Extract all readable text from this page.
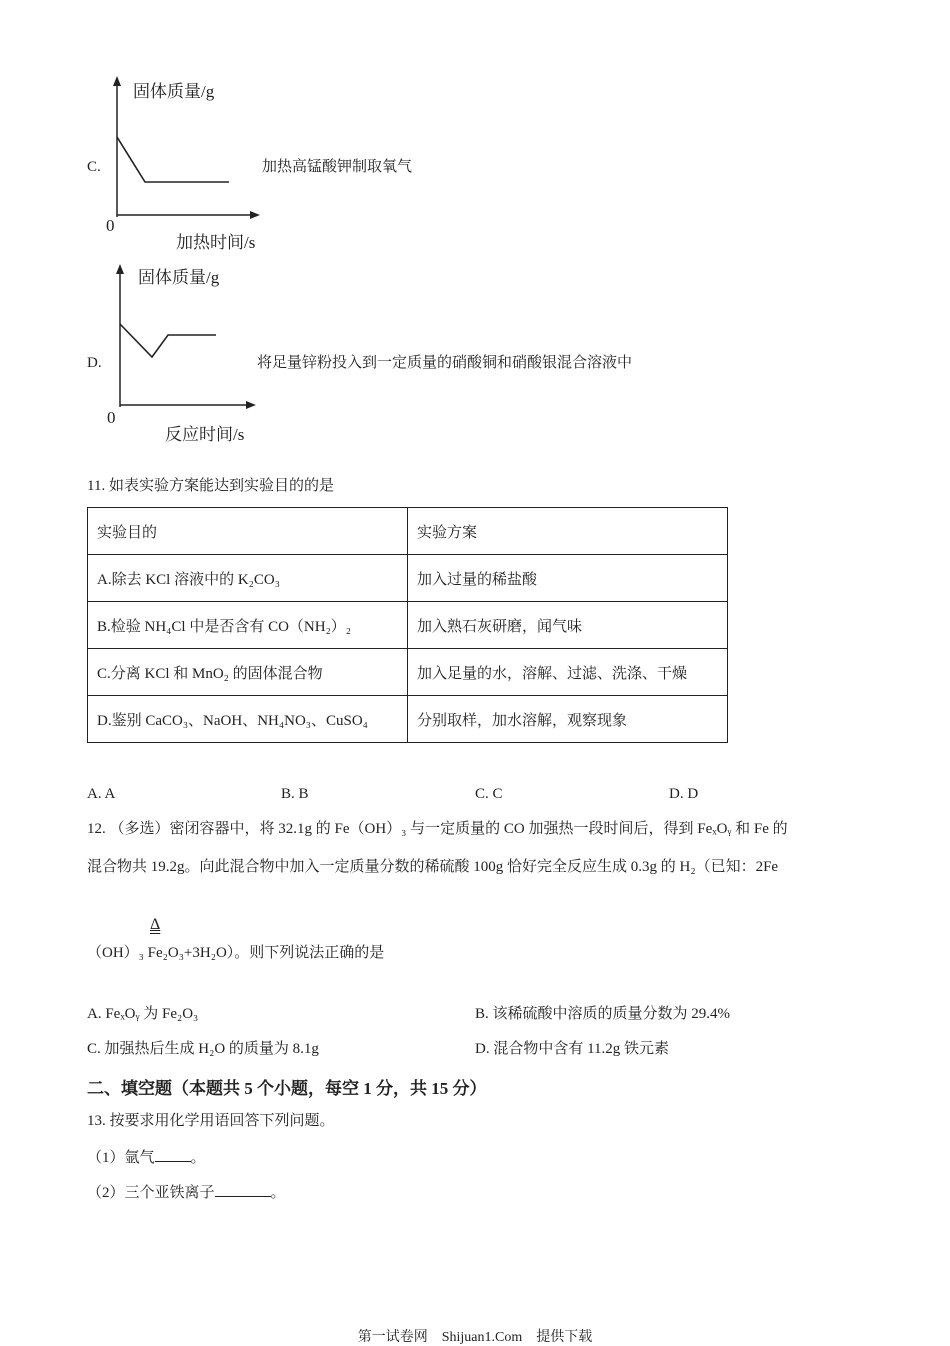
C.
固体质量/g
加热时间/s
0
加热高锰酸钾制取氧气
D.
固体质量/g
反应时间/s
0
将足量锌粉投入到一定质量的硝酸铜和硝酸银混合溶液中
11. 如表实验方案能达到实验目的的是
实验目的	实验方案
A.除去 KCl 溶液中的 K₂CO₃	加入过量的稀盐酸
B.检验 NH₄Cl 中是否含有 CO（NH₂）₂	加入熟石灰研磨，闻气味
C.分离 KCl 和 MnO₂ 的固体混合物	加入足量的水，溶解、过滤、洗涤、干燥
D.鉴别 CaCO₃、NaOH、NH₄NO₃、CuSO₄	分别取样，加水溶解，观察现象
A. A	B. B	C. C	D. D
12. （多选）密闭容器中，将 32.1g 的 Fe（OH）₃ 与一定质量的 CO 加强热一段时间后，得到 FeₓOᵧ 和 Fe 的
混合物共 19.2g。向此混合物中加入一定质量分数的稀硫酸 100g 恰好完全反应生成 0.3g 的 H₂（已知：2Fe
Δ
（OH）₃ Fe₂O₃+3H₂O）。则下列说法正确的是
A. FeₓOᵧ 为 Fe₂O₃	B. 该稀硫酸中溶质的质量分数为 29.4%
C. 加强热后生成 H₂O 的质量为 8.1g	D. 混合物中含有 11.2g 铁元素
二、填空题（本题共 5 个小题，每空 1 分，共 15 分）
13. 按要求用化学用语回答下列问题。
（1）氩气 。
（2）三个亚铁离子	。
第一试卷网    Shijuan1.Com    提供下载
